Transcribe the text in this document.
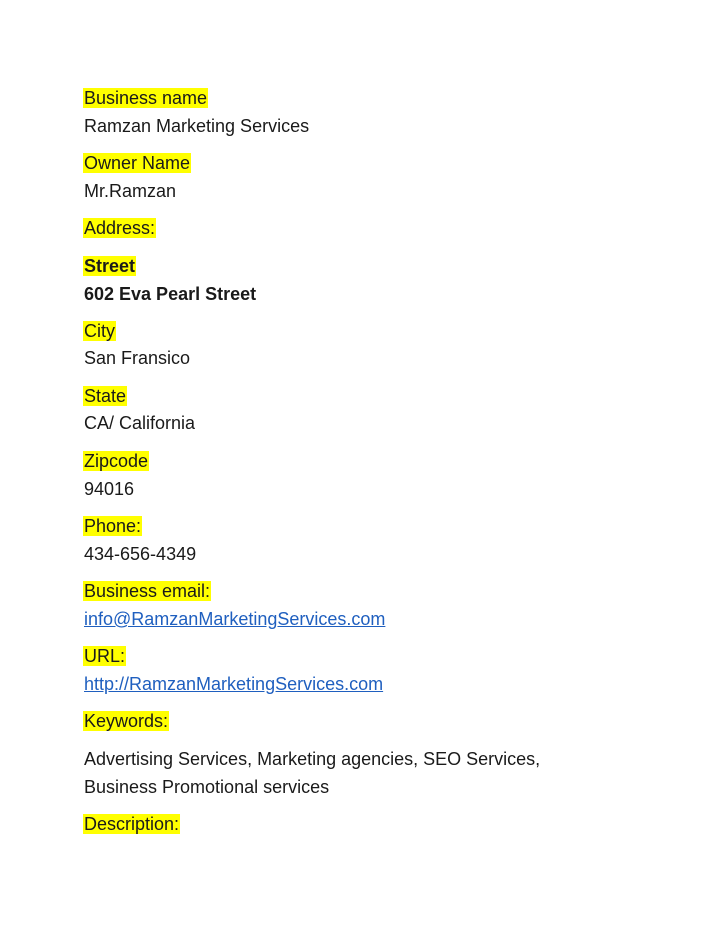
Business name
Ramzan Marketing Services
Owner Name
Mr.Ramzan
Address:
Street
602 Eva Pearl Street
City
San Fransico
State
CA/ California
Zipcode
94016
Phone:
434-656-4349
Business email:
info@RamzanMarketingServices.com
URL:
http://RamzanMarketingServices.com
Keywords:
Advertising Services, Marketing agencies, SEO Services,
Business Promotional services
Description:
